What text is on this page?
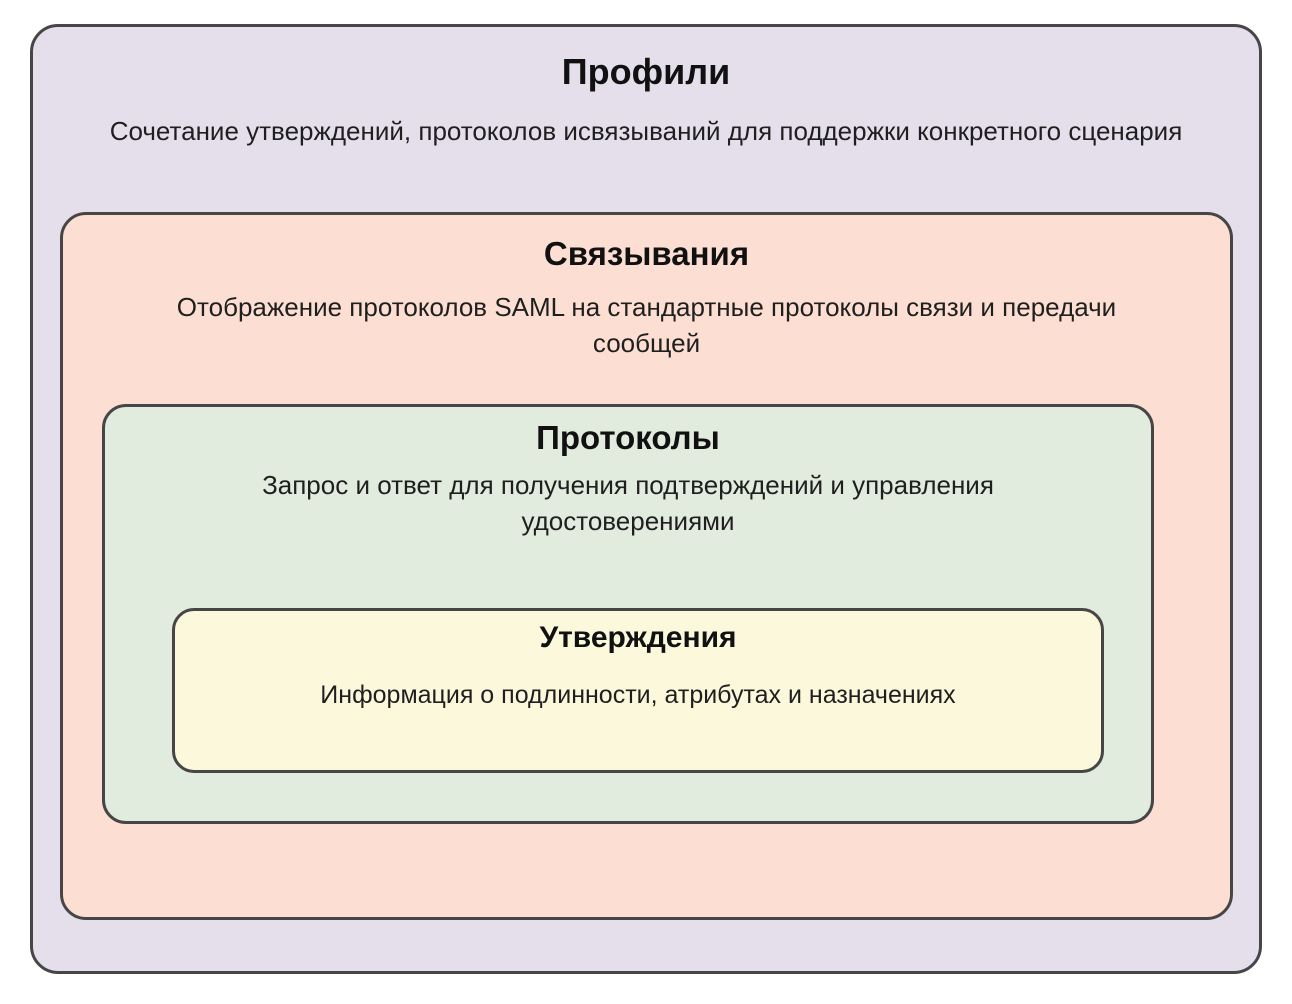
Профили

Сочетание утверждений, протоколов исвязываний для поддержки конкретного сценария

Связывания

Отображение протоколов SAML на стандартные протоколы связи и передачи
сообщей

Протоколы

Запрос и ответ для получения подтверждений и управления
удостоверениями

Утверждения

Информация о подлинности, атрибутах и назначениях
